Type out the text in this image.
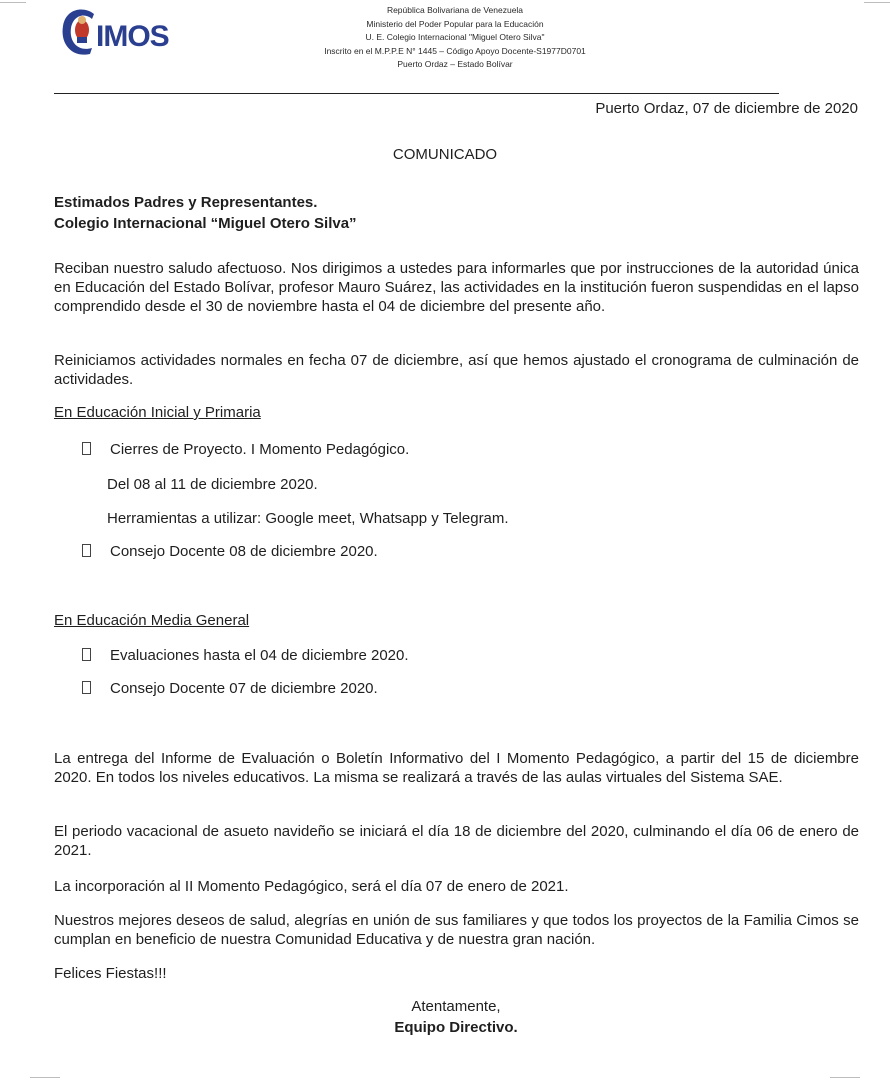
IMOS
República Bolivariana de Venezuela
Ministerio del Poder Popular para la Educación
U. E. Colegio Internacional "Miguel Otero Silva"
Inscrito en el M.P.P.E N° 1445 – Código Apoyo Docente-S1977D0701
Puerto Ordaz – Estado Bolívar
Puerto Ordaz, 07 de diciembre de 2020
COMUNICADO
Estimados Padres y Representantes.
Colegio Internacional “Miguel Otero Silva”
Reciban nuestro saludo afectuoso. Nos dirigimos a ustedes para informarles que por instrucciones de la autoridad única en Educación del Estado Bolívar, profesor Mauro Suárez, las actividades en la institución fueron suspendidas en el lapso comprendido desde el 30 de noviembre hasta el 04 de diciembre del presente año.
Reiniciamos actividades normales en fecha 07 de diciembre, así que hemos ajustado el cronograma de culminación de actividades.
En Educación Inicial y Primaria
Cierres de Proyecto. I Momento Pedagógico.
Del 08 al 11 de diciembre 2020.
Herramientas a utilizar: Google meet, Whatsapp y Telegram.
Consejo Docente 08 de diciembre 2020.
En Educación Media General
Evaluaciones hasta el 04 de diciembre 2020.
Consejo Docente 07 de diciembre 2020.
La entrega del Informe de Evaluación o Boletín Informativo del I Momento Pedagógico, a partir del 15 de diciembre 2020. En todos los niveles educativos. La misma se realizará a través de las aulas virtuales del Sistema SAE.
El periodo vacacional de asueto navideño se iniciará el día 18 de diciembre del 2020, culminando el día 06 de enero de 2021.
La incorporación al II Momento Pedagógico, será el día 07 de enero de 2021.
Nuestros mejores deseos de salud, alegrías en unión de sus familiares y que todos los proyectos de la Familia Cimos se cumplan en beneficio de nuestra Comunidad Educativa y de nuestra gran nación.
Felices Fiestas!!!
Atentamente,
Equipo Directivo.
